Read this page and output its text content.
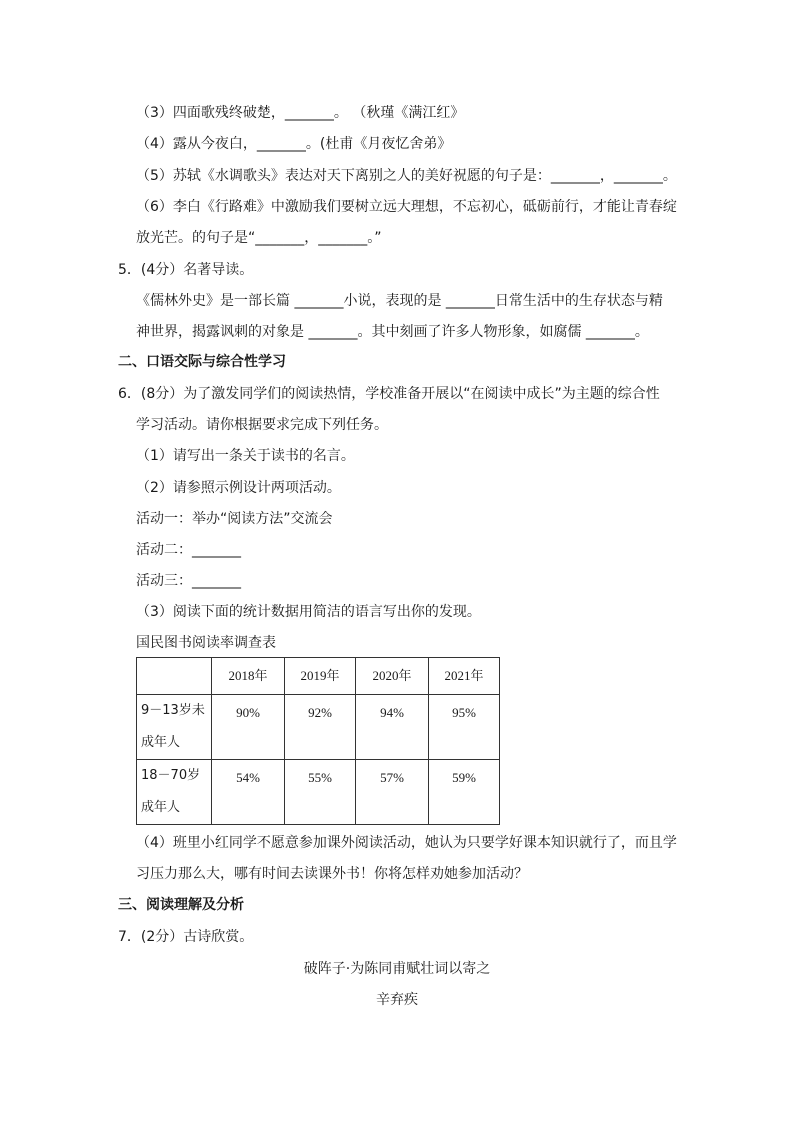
（3）四面歌残终破楚，_______。 （秋瑾《满江红》
（4）露从今夜白，_______。(杜甫《月夜忆舍弟》
（5）苏轼《水调歌头》表达对天下离别之人的美好祝愿的句子是：_______，_______。
（6）李白《行路难》中激励我们要树立远大理想，不忘初心，砥砺前行，才能让青春绽
放光芒。的句子是“_______，_______。”
5．(4分）名著导读。
《儒林外史》是一部长篇 _______小说，表现的是 _______日常生活中的生存状态与精
神世界，揭露讽刺的对象是 _______。其中刻画了许多人物形象，如腐儒 _______。
二、口语交际与综合性学习
6．(8分）为了激发同学们的阅读热情，学校准备开展以“在阅读中成长”为主题的综合性
学习活动。请你根据要求完成下列任务。
（1）请写出一条关于读书的名言。
（2）请参照示例设计两项活动。
活动一：举办“阅读方法”交流会
活动二：_______
活动三：_______
（3）阅读下面的统计数据用简洁的语言写出你的发现。
国民图书阅读率调查表
	2018年	2019年	2020年	2021年

9－13岁未
成年人	90%	92%	94%	95%

18－70岁
成年人	54%	55%	57%	59%
（4）班里小红同学不愿意参加课外阅读活动，她认为只要学好课本知识就行了，而且学
习压力那么大，哪有时间去读课外书！你将怎样劝她参加活动？
三、阅读理解及分析
7．(2分）古诗欣赏。
破阵子·为陈同甫赋壮词以寄之
辛弃疾
